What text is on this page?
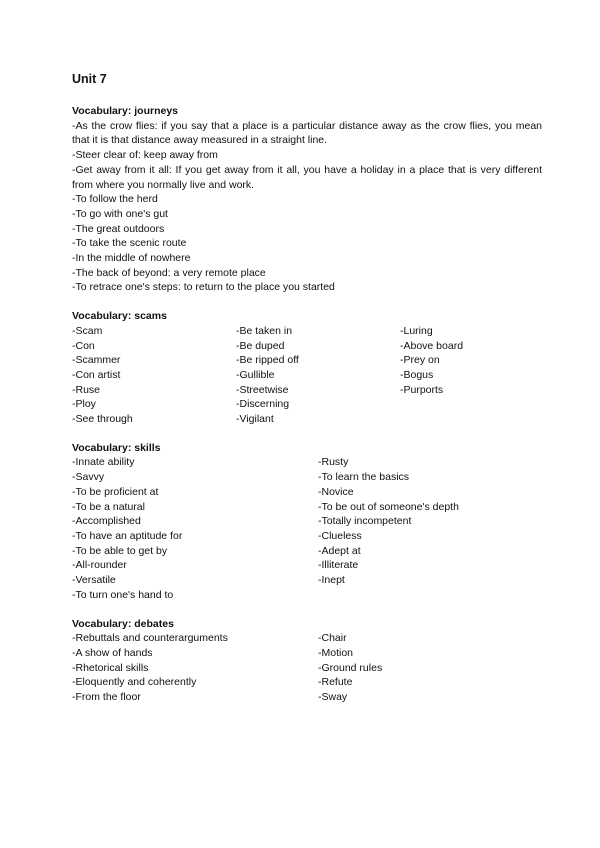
Unit 7
Vocabulary: journeys
-As the crow flies: if you say that a place is a particular distance away as the crow flies, you mean that it is that distance away measured in a straight line.
-Steer clear of: keep away from
-Get away from it all: If you get away from it all, you have a holiday in a place that is very different from where you normally live and work.
-To follow the herd
-To go with one's gut
-The great outdoors
-To take the scenic route
-In the middle of nowhere
-The back of beyond: a very remote place
-To retrace one's steps: to return to the place you started
Vocabulary: scams
-Scam
-Con
-Scammer
-Con artist
-Ruse
-Ploy
-See through
-Be taken in
-Be duped
-Be ripped off
-Gullible
-Streetwise
-Discerning
-Vigilant
-Luring
-Above board
-Prey on
-Bogus
-Purports
Vocabulary: skills
-Innate ability
-Savvy
-To be proficient at
-To be a natural
-Accomplished
-To have an aptitude for
-To be able to get by
-All-rounder
-Versatile
-To turn one's hand to
-Rusty
-To learn the basics
-Novice
-To be out of someone's depth
-Totally incompetent
-Clueless
-Adept at
-Illiterate
-Inept
Vocabulary: debates
-Rebuttals and counterarguments
-A show of hands
-Rhetorical skills
-Eloquently and coherently
-From the floor
-Chair
-Motion
-Ground rules
-Refute
-Sway
